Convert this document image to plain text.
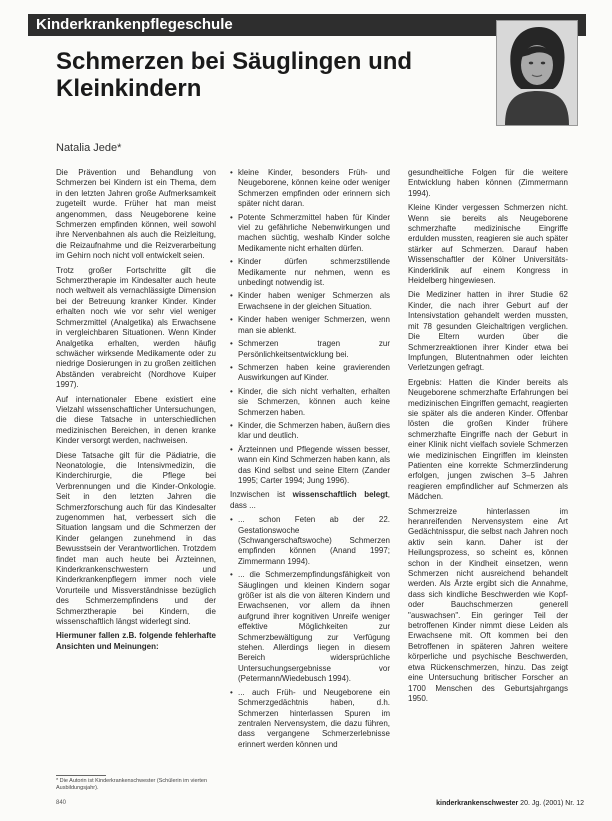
Kinderkrankenpflegeschule
Schmerzen bei Säuglingen und Kleinkindern
Natalia Jede*

Die Prävention und Behandlung von Schmerzen bei Kindern ist ein Thema, dem in den letzten Jahren große Aufmerksamkeit zugeteilt wurde. Früher hat man meist angenommen, dass Neugeborene keine Schmerzen empfinden können, weil sowohl ihre Nervenbahnen als auch die Reizleitung, die Reizaufnahme und die Reizverarbeitung im Gehirn noch nicht voll entwickelt seien.

Trotz großer Fortschritte gilt die Schmerztherapie im Kindesalter auch heute noch weltweit als vernachlässigte Dimension bei der Betreuung kranker Kinder. Kinder erhalten noch wie vor sehr viel weniger Schmerzmittel (Analgetika) als Erwachsene in vergleichbaren Situationen. Wenn Kinder Analgetika erhalten, werden häufig schwächer wirksende Medikamente oder zu niedrige Dosierungen in zu großen zeitlichen Abständen verabreicht (Nordhove Kuiper 1997).

Auf internationaler Ebene existiert eine Vielzahl wissenschaftlicher Untersuchungen, die diese Tatsache in unterschiedlichen medizinischen Bereichen, in denen kranke Kinder versorgt werden, nachweisen.

Diese Tatsache gilt für die Pädiatrie, die Neonatologie, die Intensivmedizin, die Kinderchirurgie, die Pflege bei Verbrennungen und die Kinder-Onkologie. Seit in den letzten Jahren die Schmerzforschung auch für das Kindesalter zugenommen hat, verbessert sich die Situation langsam und die Schmerzen der Kinder gelangen zunehmend in das Bewusstsein der Verantwortlichen. Trotzdem findet man auch heute bei Ärzteinnen, Kinderkrankenschwestern und Kinderkrankenpflegern immer noch viele Vorurteile und Missverständnisse bezüglich des Schmerzempfindens und der Schmerztherapie bei Kindern, die wissenschaftlich längst widerlegt sind.

Hiermuner fallen z.B. folgende fehlerhafte Ansichten und Meinungen:

• kleine Kinder, besonders Früh- und Neugeborene, können keine oder weniger Schmerzen empfinden oder erinnern sich später nicht daran.
• Potente Schmerzmittel haben für Kinder viel zu gefährliche Nebenwirkungen und machen süchtig, weshalb Kinder solche Medikamente nicht erhalten dürfen.
• Kinder dürfen schmerzstillende Medikamente nur nehmen, wenn es unbedingt notwendig ist.
• Kinder haben weniger Schmerzen als Erwachsene in der gleichen Situation.
• Kinder haben weniger Schmerzen, wenn man sie ablenkt.
• Schmerzen tragen zur Persönlichkeitsentwicklung bei.
• Schmerzen haben keine gravierenden Auswirkungen auf Kinder.
• Kinder, die sich nicht verhalten, erhalten sie Schmerzen, können auch keine Schmerzen haben.
• Kinder, die Schmerzen haben, äußern dies klar und deutlich.
• Ärzteinnen und Pflegende wissen besser, wann ein Kind Schmerzen haben kann, als das Kind selbst und seine Eltern (Zander 1995; Carter 1994; Jung 1996).

Inzwischen ist wissenschaftlich belegt, dass ...

• ... schon Feten ab der 22. Gestationswoche (Schwangerschaftswoche) Schmerzen empfinden können (Anand 1997; Zimmermann 1994).
• ... die Schmerzempfindungsfähigkeit von Säuglingen und kleinen Kindern sogar größer ist als die von älteren Kindern und Erwachsenen, vor allem da ihnen aufgrund ihrer kognitiven Unreife weniger effektive Möglichkeiten zur Schmerzbewältigung zur Verfügung stehen. Allerdings liegen in diesem Bereich widersprüchliche Untersuchungsergebnisse vor (Petermann/Wiedebusch 1994).
• ... auch Früh- und Neugeborene ein Schmerzgedächtnis haben, d.h. Schmerzen hinterlassen Spuren im zentralen Nervensystem, die dazu führen, dass vergangene Schmerzerlebnisse erinnert werden können und

gesundheitliche Folgen für die weitere Entwicklung haben können (Zimmermann 1994).

Kleine Kinder vergessen Schmerzen nicht. Wenn sie bereits als Neugeborene schmerzhafte medizinische Eingriffe erdulden mussten, reagieren sie auch später stärker auf Schmerzen. Darauf haben Wissenschaftler der Kölner Universitäts-Kinderklinik auf einem Kongress in Heidelberg hingewiesen.

Die Mediziner hatten in ihrer Studie 62 Kinder, die nach ihrer Geburt auf der Intensivstation gehandelt werden mussten, mit 78 gesunden Gleichaltrigen verglichen. Die Eltern wurden über die Schmerzreaktionen ihrer Kinder etwa bei Impfungen, Blutentnahmen oder leichten Verletzungen gefragt.

Ergebnis: Hatten die Kinder bereits als Neugeborene schmerzhafte Erfahrungen bei medizinischen Eingriffen gemacht, reagierten sie später als die anderen Kinder. Offenbar lösten die großen Kinder frühere schmerzhafte Eingriffe nach der Geburt in einer Klinik nicht vielfach soviele Schmerzen wie medizinischen Eingriffen im kleinsten Patienten eine korrekte Schmerzlinderung erfolgen, jungen zwischen 3–5 Jahren reagieren empfindlicher auf Schmerzen als Mädchen.

Schmerzreize hinterlassen im heranreifenden Nervensystem eine Art Gedächtnisspur, die selbst nach Jahren noch aktiv sein kann. Daher ist der Heilungsprozess, so scheint es, können schon in der Kindheit einsetzen, wenn Schmerzen nicht ausreichend behandelt werden. Als Ärzte ergibt sich die Annahme, dass sich kindliche Beschwerden wie Kopf- oder Bauchschmerzen generell "auswachsen". Ein geringer Teil der betroffenen Kinder nimmt diese Leiden als Erwachsene mit. Oft kommen bei den Betroffenen in späteren Jahren weitere körperliche und psychische Beschwerden, etwa Rückenschmerzen, hinzu. Das zeigt eine Untersuchung britischer Forscher an 1700 Menschen des Geburtsjahrgangs 1950.

* Die Autorin ist Kinderkrankenschwester (Schülerin im vierten Ausbildungsjahr).
840	kinderkrankenschwester 20. Jg. (2001) Nr. 12
